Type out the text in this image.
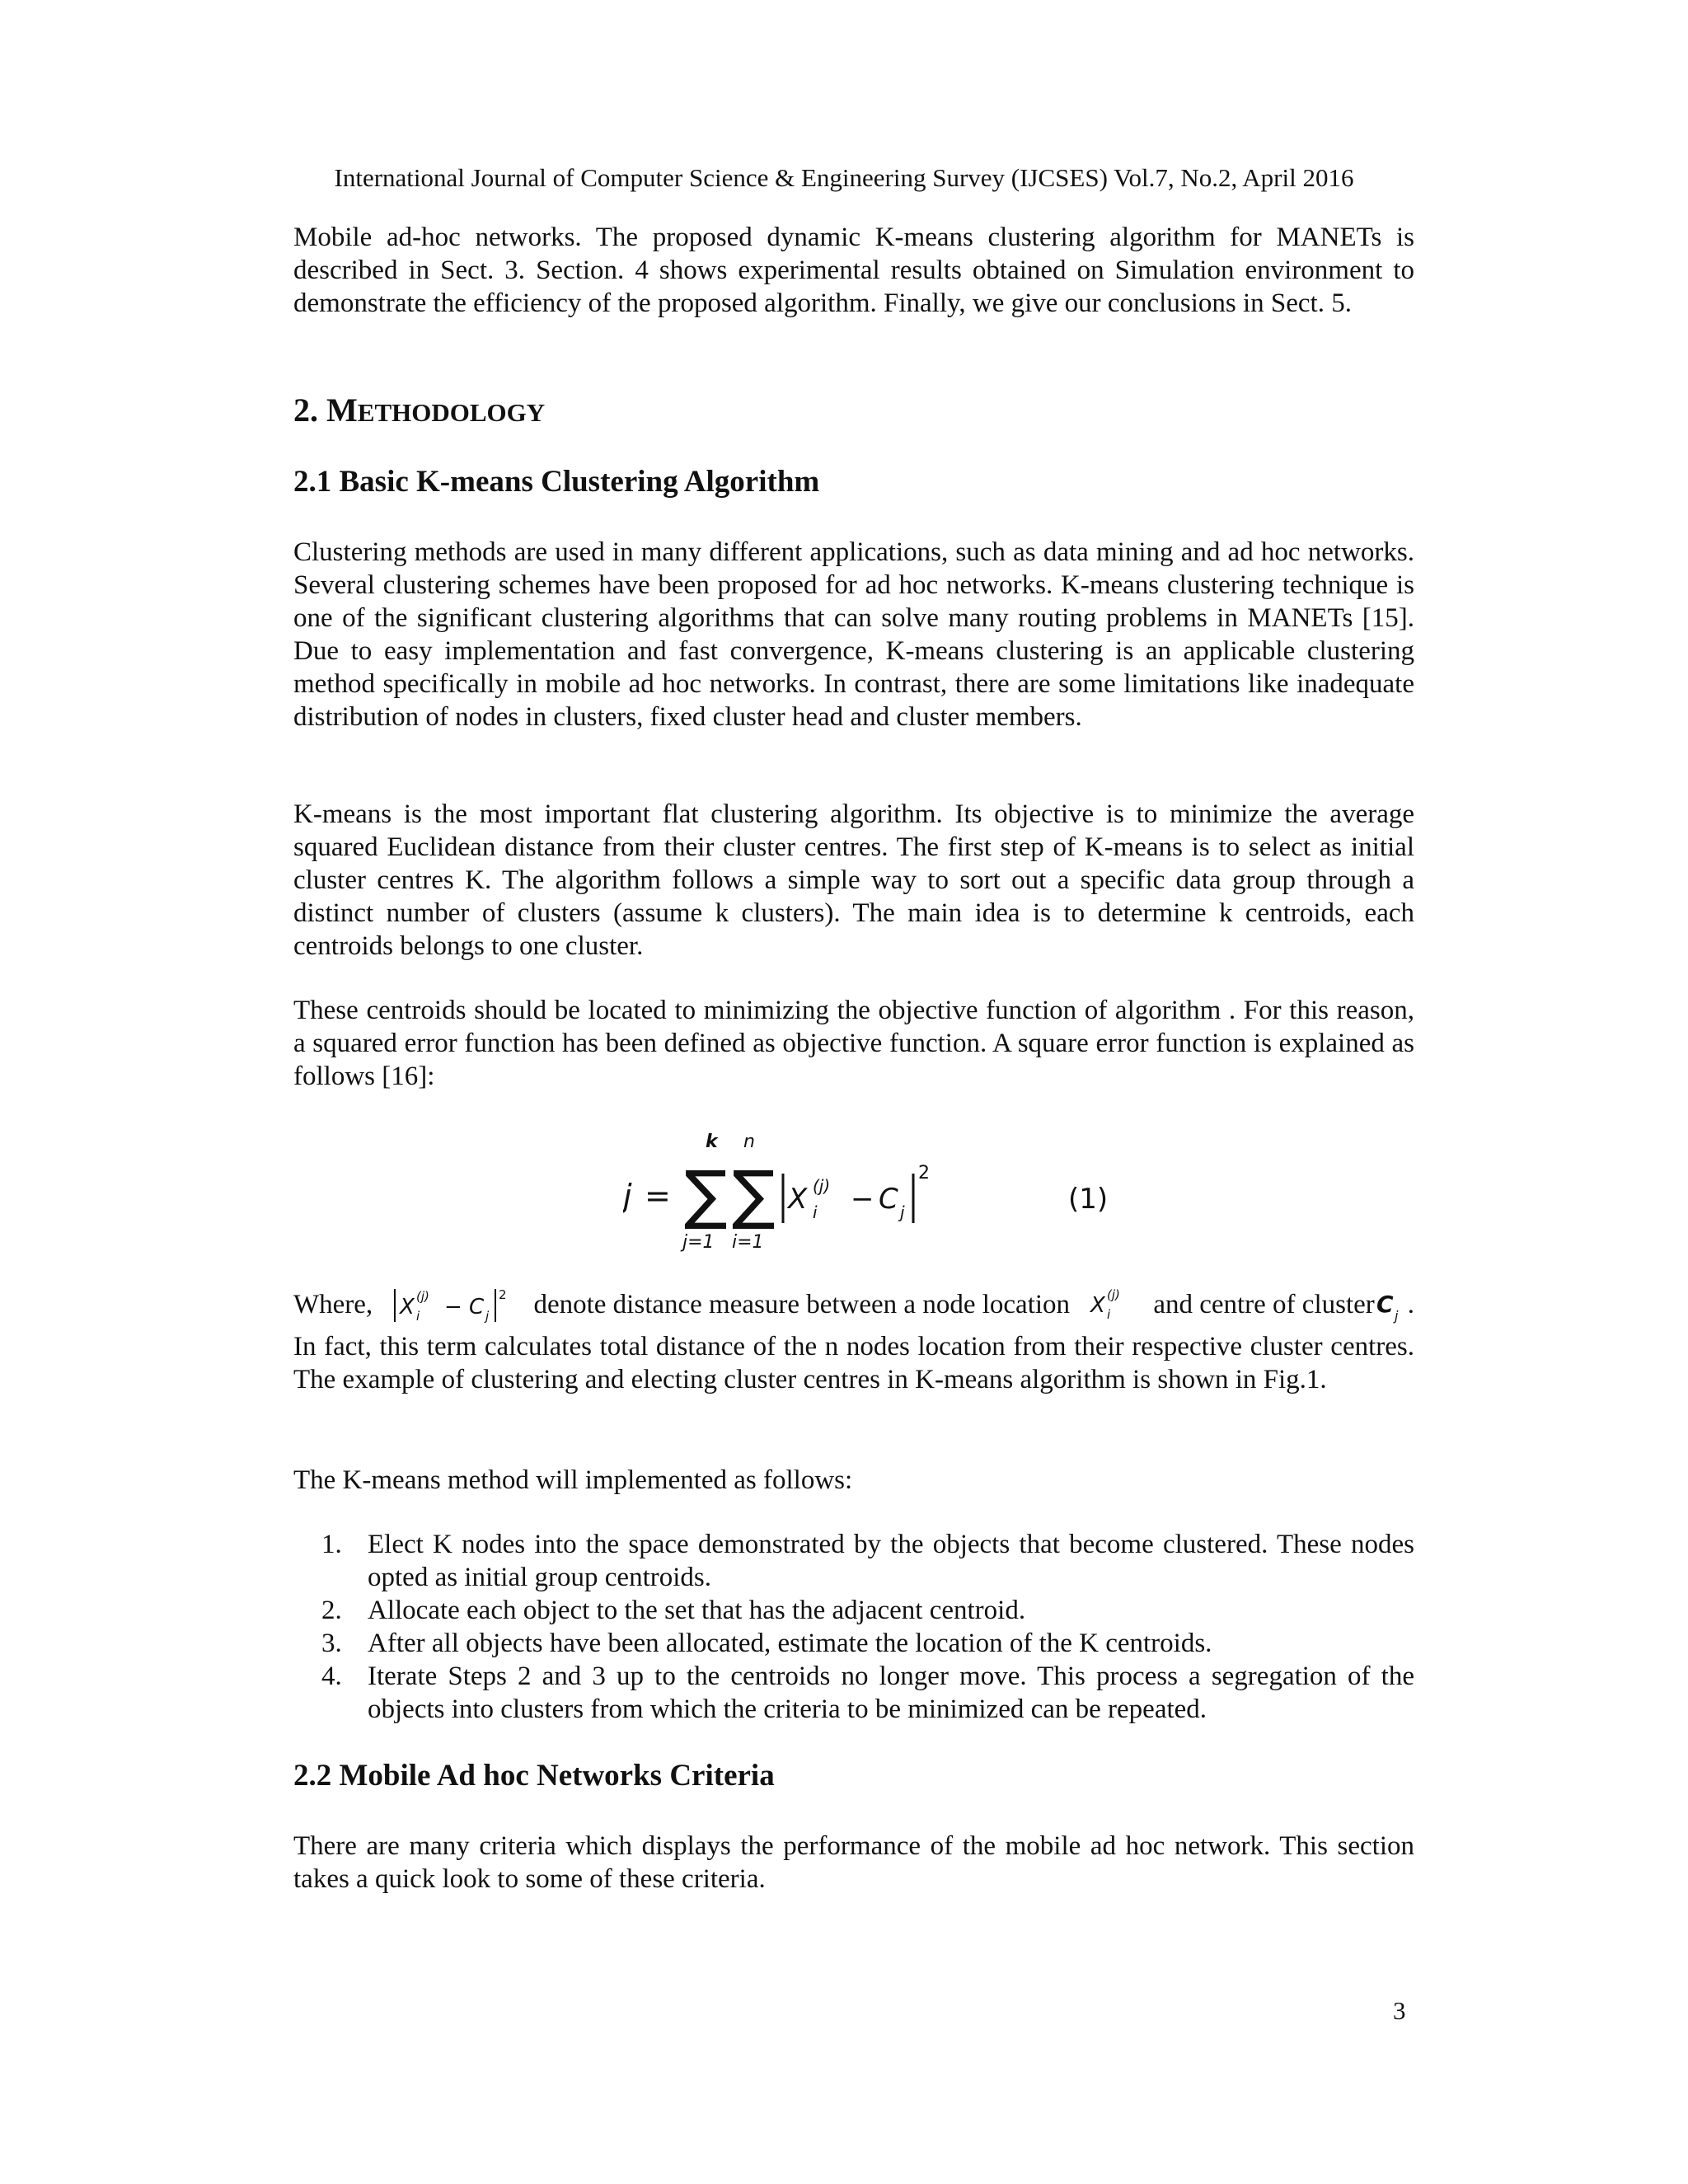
International Journal of Computer Science & Engineering Survey (IJCSES) Vol.7, No.2, April 2016

Mobile ad-hoc networks. The proposed dynamic K-means clustering algorithm for MANETs is described in Sect. 3. Section. 4 shows experimental results obtained on Simulation environment to demonstrate the efficiency of the proposed algorithm. Finally, we give our conclusions in Sect. 5.

2. METHODOLOGY
2.1 Basic K-means Clustering Algorithm

Clustering methods are used in many different applications, such as data mining and ad hoc networks. Several clustering schemes have been proposed for ad hoc networks. K-means clustering technique is one of the significant clustering algorithms that can solve many routing problems in MANETs [15]. Due to easy implementation and fast convergence, K-means clustering is an applicable clustering method specifically in mobile ad hoc networks. In contrast, there are some limitations like inadequate distribution of nodes in clusters, fixed cluster head and cluster members.

K-means is the most important flat clustering algorithm. Its objective is to minimize the average squared Euclidean distance from their cluster centres. The first step of K-means is to select as initial cluster centres K. The algorithm follows a simple way to sort out a specific data group through a distinct number of clusters (assume k clusters). The main idea is to determine k centroids, each centroids belongs to one cluster.

These centroids should be located to minimizing the objective function of algorithm . For this reason, a squared error function has been defined as objective function. A square error function is explained as follows [16]:

j =
k
∑
j=1
n
∑
i=1
X (j)
i − C j
2
(1)
Where, X (j)
i − C j
2 denote distance measure between a node location X (j)
i and centre of cluster C j .

In fact, this term calculates total distance of the n nodes location from their respective cluster centres. The example of clustering and electing cluster centres in K-means algorithm is shown in Fig.1.

The K-means method will implemented as follows:

1. Elect K nodes into the space demonstrated by the objects that become clustered. These nodes opted as initial group centroids.
2. Allocate each object to the set that has the adjacent centroid.
3. After all objects have been allocated, estimate the location of the K centroids.
4. Iterate Steps 2 and 3 up to the centroids no longer move. This process a segregation of the objects into clusters from which the criteria to be minimized can be repeated.
2.2 Mobile Ad hoc Networks Criteria

There are many criteria which displays the performance of the mobile ad hoc network. This section takes a quick look to some of these criteria.

3
